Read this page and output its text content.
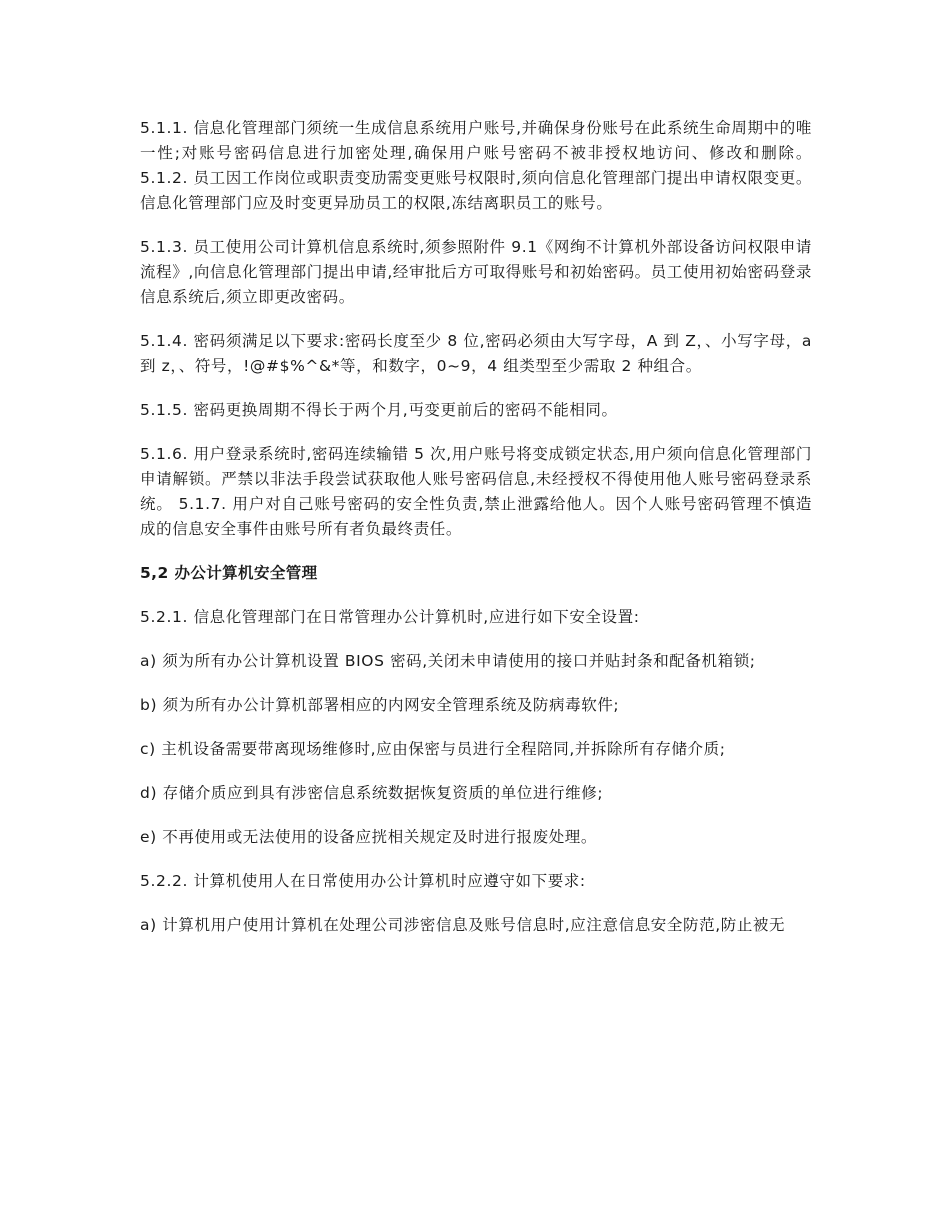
5.1.1. 信息化管理部门须统一生成信息系统用户账号,并确保身份账号在此系统生命周期中的唯一性;对账号密码信息进行加密处理,确保用户账号密码不被非授权地访问、修改和删除。 5.1.2. 员工因工作岗位或职责变劢需变更账号权限时,须向信息化管理部门提出申请权限变更。信息化管理部门应及时变更异劢员工的权限,冻结离职员工的账号。

5.1.3. 员工使用公司计算机信息系统时,须参照附件 9.1《网绚不计算机外部设备访问权限申请流程》,向信息化管理部门提出申请,经审批后方可取得账号和初始密码。员工使用初始密码登录信息系统后,须立即更改密码。

5.1.4. 密码须满足以下要求:密码长度至少 8 位,密码必须由大写字母，A 到 Z，、小写字母，a 到 z，、符号，!@#$%^&*等，和数字，0~9，4 组类型至少需取 2 种组合。

5.1.5. 密码更换周期不得长于两个月,丏变更前后的密码不能相同。

5.1.6. 用户登录系统时,密码连续输错 5 次,用户账号将变成锁定状态,用户须向信息化管理部门申请解锁。严禁以非法手段尝试获取他人账号密码信息,未经授权不得使用他人账号密码登录系统。 5.1.7. 用户对自己账号密码的安全性负责,禁止泄露给他人。因个人账号密码管理不慎造成的信息安全事件由账号所有者负最终责任。

5,2 办公计算机安全管理

5.2.1. 信息化管理部门在日常管理办公计算机时,应进行如下安全设置:

a) 须为所有办公计算机设置 BIOS 密码,关闭未申请使用的接口并贴封条和配备机箱锁;

b) 须为所有办公计算机部署相应的内网安全管理系统及防病毒软件;

c) 主机设备需要带离现场维修时,应由保密与员进行全程陪同,并拆除所有存储介质;

d) 存储介质应到具有涉密信息系统数据恢复资质的单位进行维修;

e) 不再使用或无法使用的设备应挄相关规定及时进行报废处理。

5.2.2. 计算机使用人在日常使用办公计算机时应遵守如下要求:

a) 计算机用户使用计算机在处理公司涉密信息及账号信息时,应注意信息安全防范,防止被无
